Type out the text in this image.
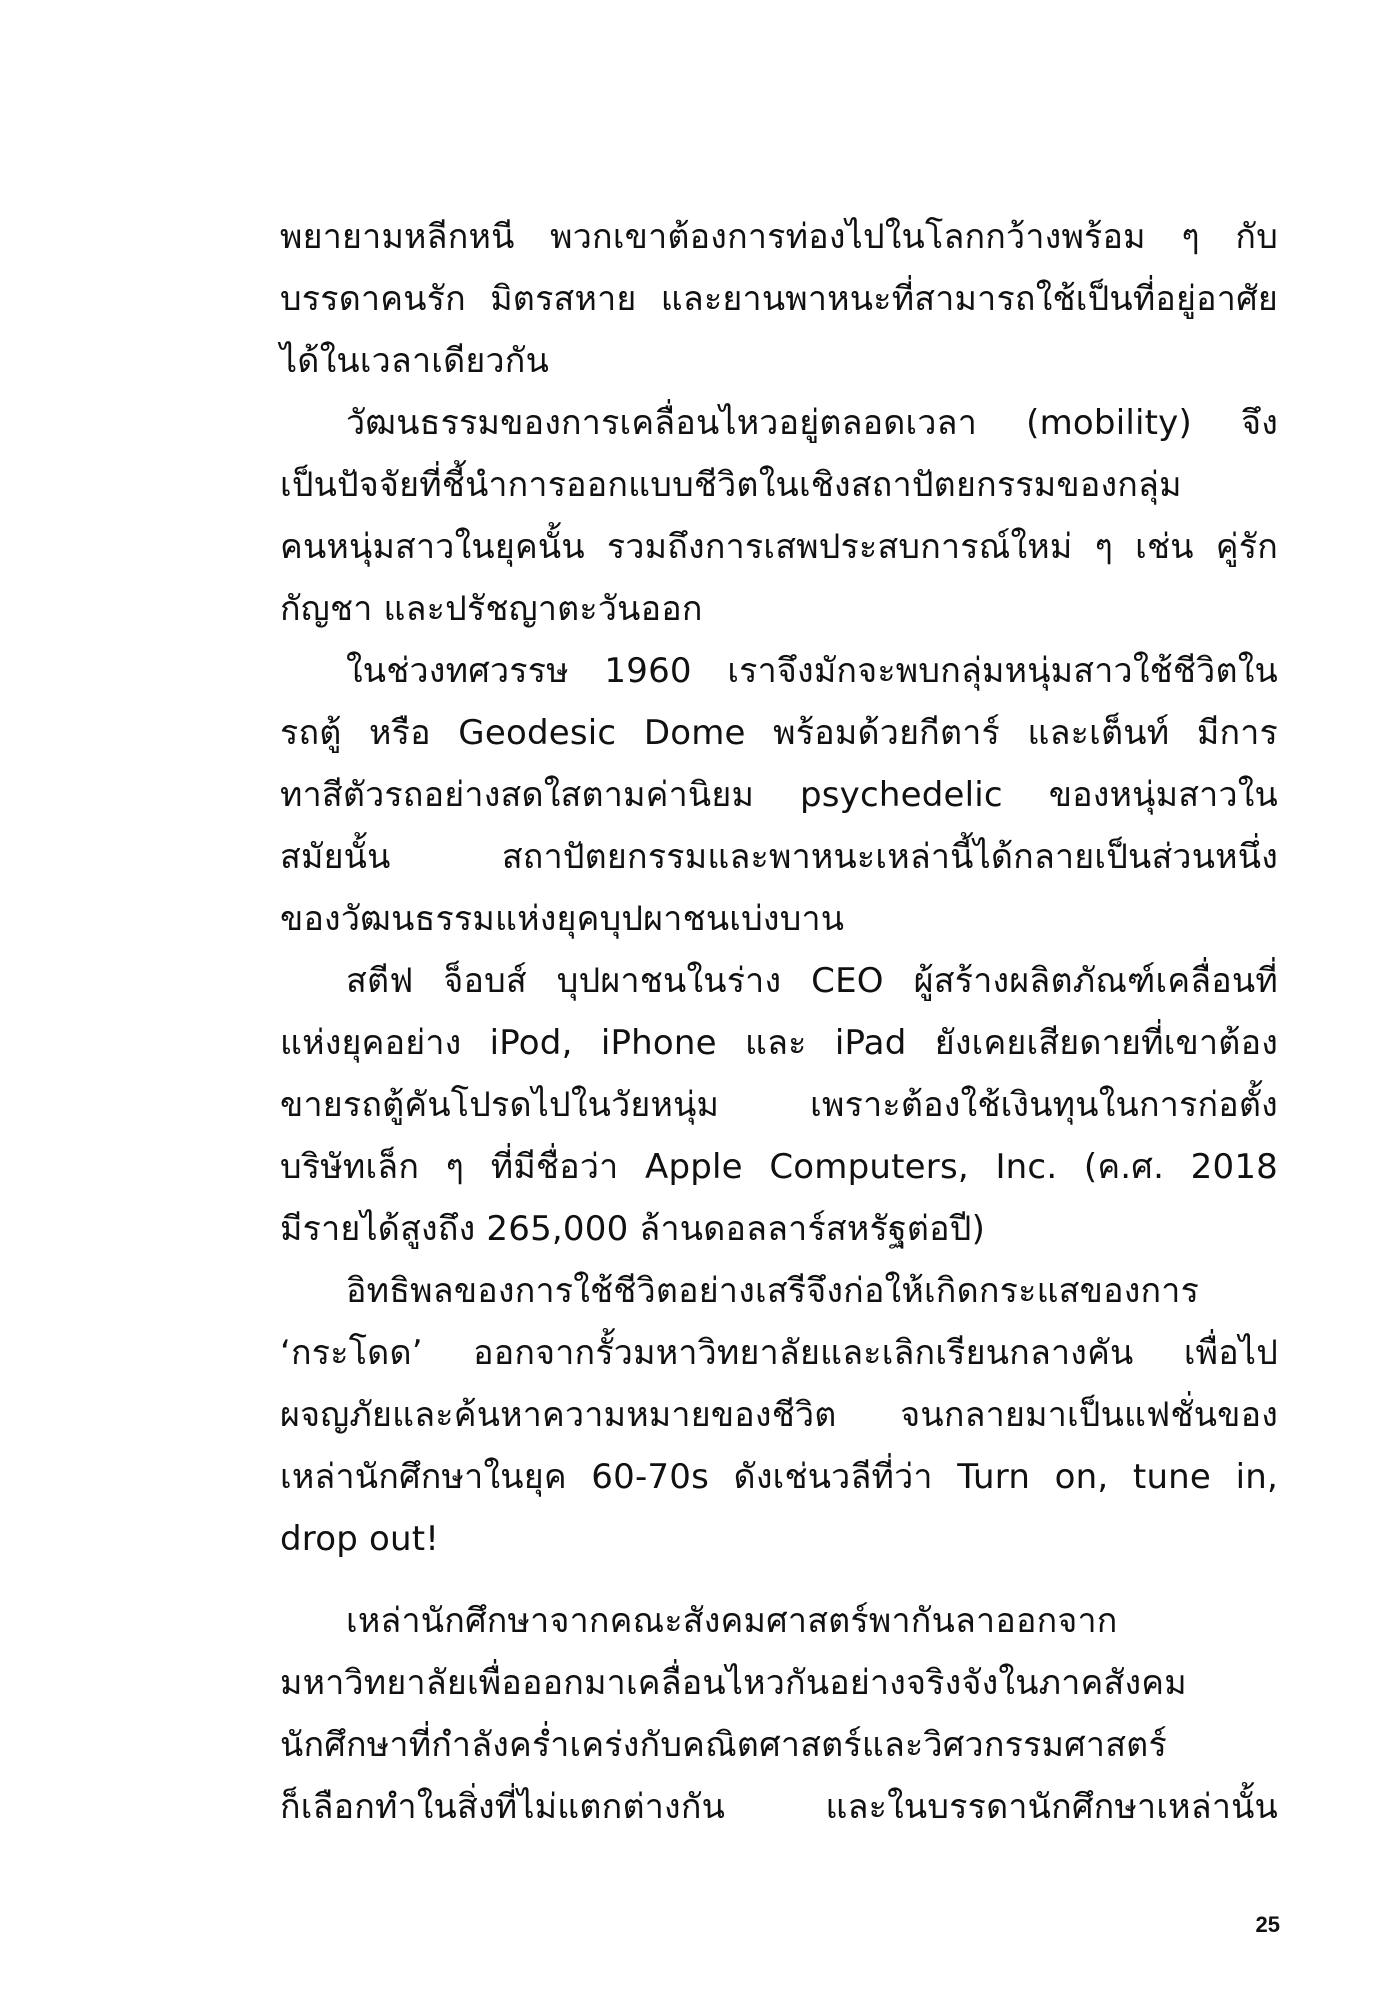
พยายามหลีกหนี พวกเขาต้องการท่องไปในโลกกว้างพร้อม ๆ กับ
บรรดาคนรัก มิตรสหาย และยานพาหนะที่สามารถใช้เป็นที่อยู่อาศัย
ได้ในเวลาเดียวกัน
วัฒนธรรมของการเคลื่อนไหวอยู่ตลอดเวลา (mobility) จึง
เป็นปัจจัยที่ชี้นำการออกแบบชีวิตในเชิงสถาปัตยกรรมของกลุ่ม
คนหนุ่มสาวในยุคนั้น รวมถึงการเสพประสบการณ์ใหม่ ๆ เช่น คู่รัก
กัญชา และปรัชญาตะวันออก
ในช่วงทศวรรษ 1960 เราจึงมักจะพบกลุ่มหนุ่มสาวใช้ชีวิตใน
รถตู้ หรือ Geodesic Dome พร้อมด้วยกีตาร์ และเต็นท์ มีการ
ทาสีตัวรถอย่างสดใสตามค่านิยม psychedelic ของหนุ่มสาวใน
สมัยนั้น สถาปัตยกรรมและพาหนะเหล่านี้ได้กลายเป็นส่วนหนึ่ง
ของวัฒนธรรมแห่งยุคบุปผาชนเบ่งบาน
สตีฟ จ็อบส์ บุปผาชนในร่าง CEO ผู้สร้างผลิตภัณฑ์เคลื่อนที่
แห่งยุคอย่าง iPod, iPhone และ iPad ยังเคยเสียดายที่เขาต้อง
ขายรถตู้คันโปรดไปในวัยหนุ่ม เพราะต้องใช้เงินทุนในการก่อตั้ง
บริษัทเล็ก ๆ ที่มีชื่อว่า Apple Computers, Inc. (ค.ศ. 2018
มีรายได้สูงถึง 265,000 ล้านดอลลาร์สหรัฐต่อปี)
อิทธิพลของการใช้ชีวิตอย่างเสรีจึงก่อให้เกิดกระแสของการ
‘กระโดด’ ออกจากรั้วมหาวิทยาลัยและเลิกเรียนกลางคัน เพื่อไป
ผจญภัยและค้นหาความหมายของชีวิต จนกลายมาเป็นแฟชั่นของ
เหล่านักศึกษาในยุค 60-70s ดังเช่นวลีที่ว่า Turn on, tune in,
drop out!
เหล่านักศึกษาจากคณะสังคมศาสตร์พากันลาออกจาก
มหาวิทยาลัยเพื่อออกมาเคลื่อนไหวกันอย่างจริงจังในภาคสังคม
นักศึกษาที่กำลังคร่ำเคร่งกับคณิตศาสตร์และวิศวกรรมศาสตร์
ก็เลือกทำในสิ่งที่ไม่แตกต่างกัน และในบรรดานักศึกษาเหล่านั้น
25
